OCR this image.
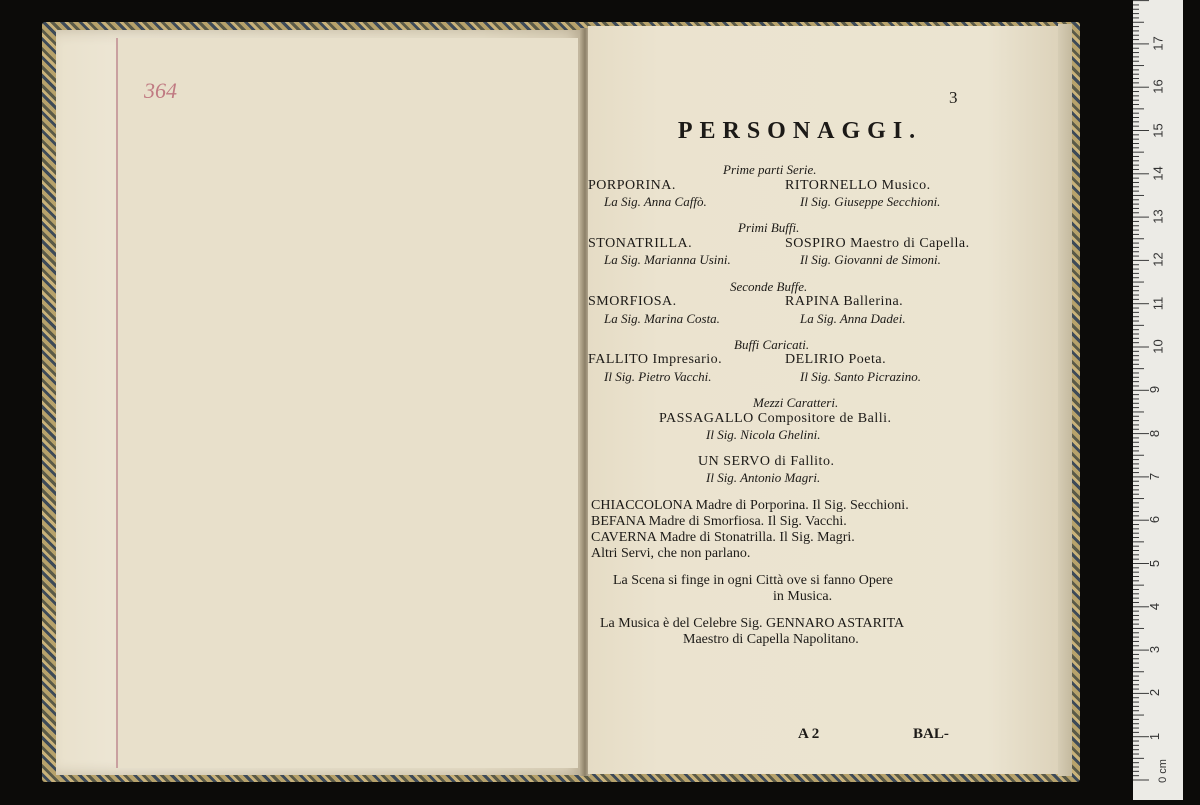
364	3
PERSONAGGI.
Prime parti Serie.
PORPORINA.	RITORNELLO Musico.
La Sig. Anna Caffò.	Il Sig. Giuseppe Secchioni.
Primi Buffi.
STONATRILLA.	SOSPIRO Maestro di Capella.
La Sig. Marianna Usini.	Il Sig. Giovanni de Simoni.
Seconde Buffe.
SMORFIOSA.	RAPINA Ballerina.
La Sig. Marina Costa.	La Sig. Anna Dadei.
Buffi Caricati.
FALLITO Impresario.	DELIRIO Poeta.
Il Sig. Pietro Vacchi.	Il Sig. Santo Picrazino.
Mezzi Caratteri.
PASSAGALLO Compositore de Balli.
Il Sig. Nicola Ghelini.
UN SERVO di Fallito.
Il Sig. Antonio Magri.
CHIACCOLONA Madre di Porporina. Il Sig. Secchioni.
BEFANA Madre di Smorfiosa. Il Sig. Vacchi.
CAVERNA Madre di Stonatrilla. Il Sig. Magri.
Altri Servi, che non parlano.
La Scena si finge in ogni Città ove si fanno Opere
in Musica.
La Musica è del Celebre Sig. GENNARO ASTARITA
Maestro di Capella Napolitano.
A 2	BAL-	1
2
3
4
5
6
7
8
9
10
11
12
13
14
15
16
17
0 cm
